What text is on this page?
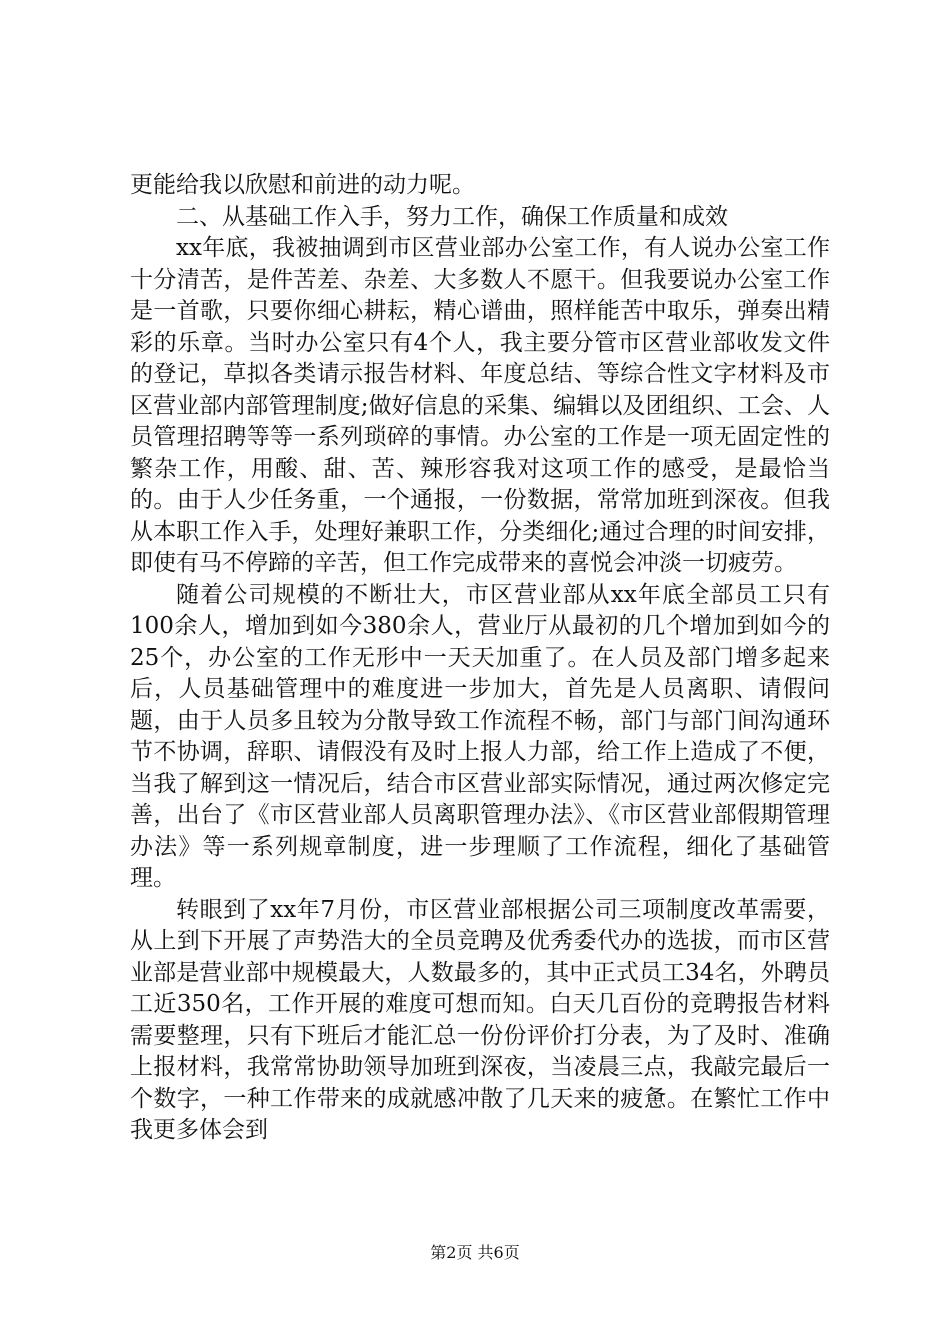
更能给我以欣慰和前进的动力呢。

二、从基础工作入手，努力工作，确保工作质量和成效

xx年底，我被抽调到市区营业部办公室工作，有人说办公室工作十分清苦，是件苦差、杂差、大多数人不愿干。但我要说办公室工作是一首歌，只要你细心耕耘，精心谱曲，照样能苦中取乐，弹奏出精彩的乐章。当时办公室只有4个人，我主要分管市区营业部收发文件的登记，草拟各类请示报告材料、年度总结、等综合性文字材料及市区营业部内部管理制度;做好信息的采集、编辑以及团组织、工会、人员管理招聘等等一系列琐碎的事情。办公室的工作是一项无固定性的繁杂工作，用酸、甜、苦、辣形容我对这项工作的感受，是最恰当的。由于人少任务重，一个通报，一份数据，常常加班到深夜。但我从本职工作入手，处理好兼职工作，分类细化;通过合理的时间安排，即使有马不停蹄的辛苦，但工作完成带来的喜悦会冲淡一切疲劳。

随着公司规模的不断壮大，市区营业部从xx年底全部员工只有100余人，增加到如今380余人，营业厅从最初的几个增加到如今的25个，办公室的工作无形中一天天加重了。在人员及部门增多起来后，人员基础管理中的难度进一步加大，首先是人员离职、请假问题，由于人员多且较为分散导致工作流程不畅，部门与部门间沟通环节不协调，辞职、请假没有及时上报人力部，给工作上造成了不便，当我了解到这一情况后，结合市区营业部实际情况，通过两次修定完善，出台了《市区营业部人员离职管理办法》、《市区营业部假期管理办法》等一系列规章制度，进一步理顺了工作流程，细化了基础管理。

转眼到了xx年7月份，市区营业部根据公司三项制度改革需要，从上到下开展了声势浩大的全员竞聘及优秀委代办的选拔，而市区营业部是营业部中规模最大，人数最多的，其中正式员工34名，外聘员工近350名，工作开展的难度可想而知。白天几百份的竞聘报告材料需要整理，只有下班后才能汇总一份份评价打分表，为了及时、准确上报材料，我常常协助领导加班到深夜，当凌晨三点，我敲完最后一个数字，一种工作带来的成就感冲散了几天来的疲惫。在繁忙工作中我更多体会到

第2页 共6页
